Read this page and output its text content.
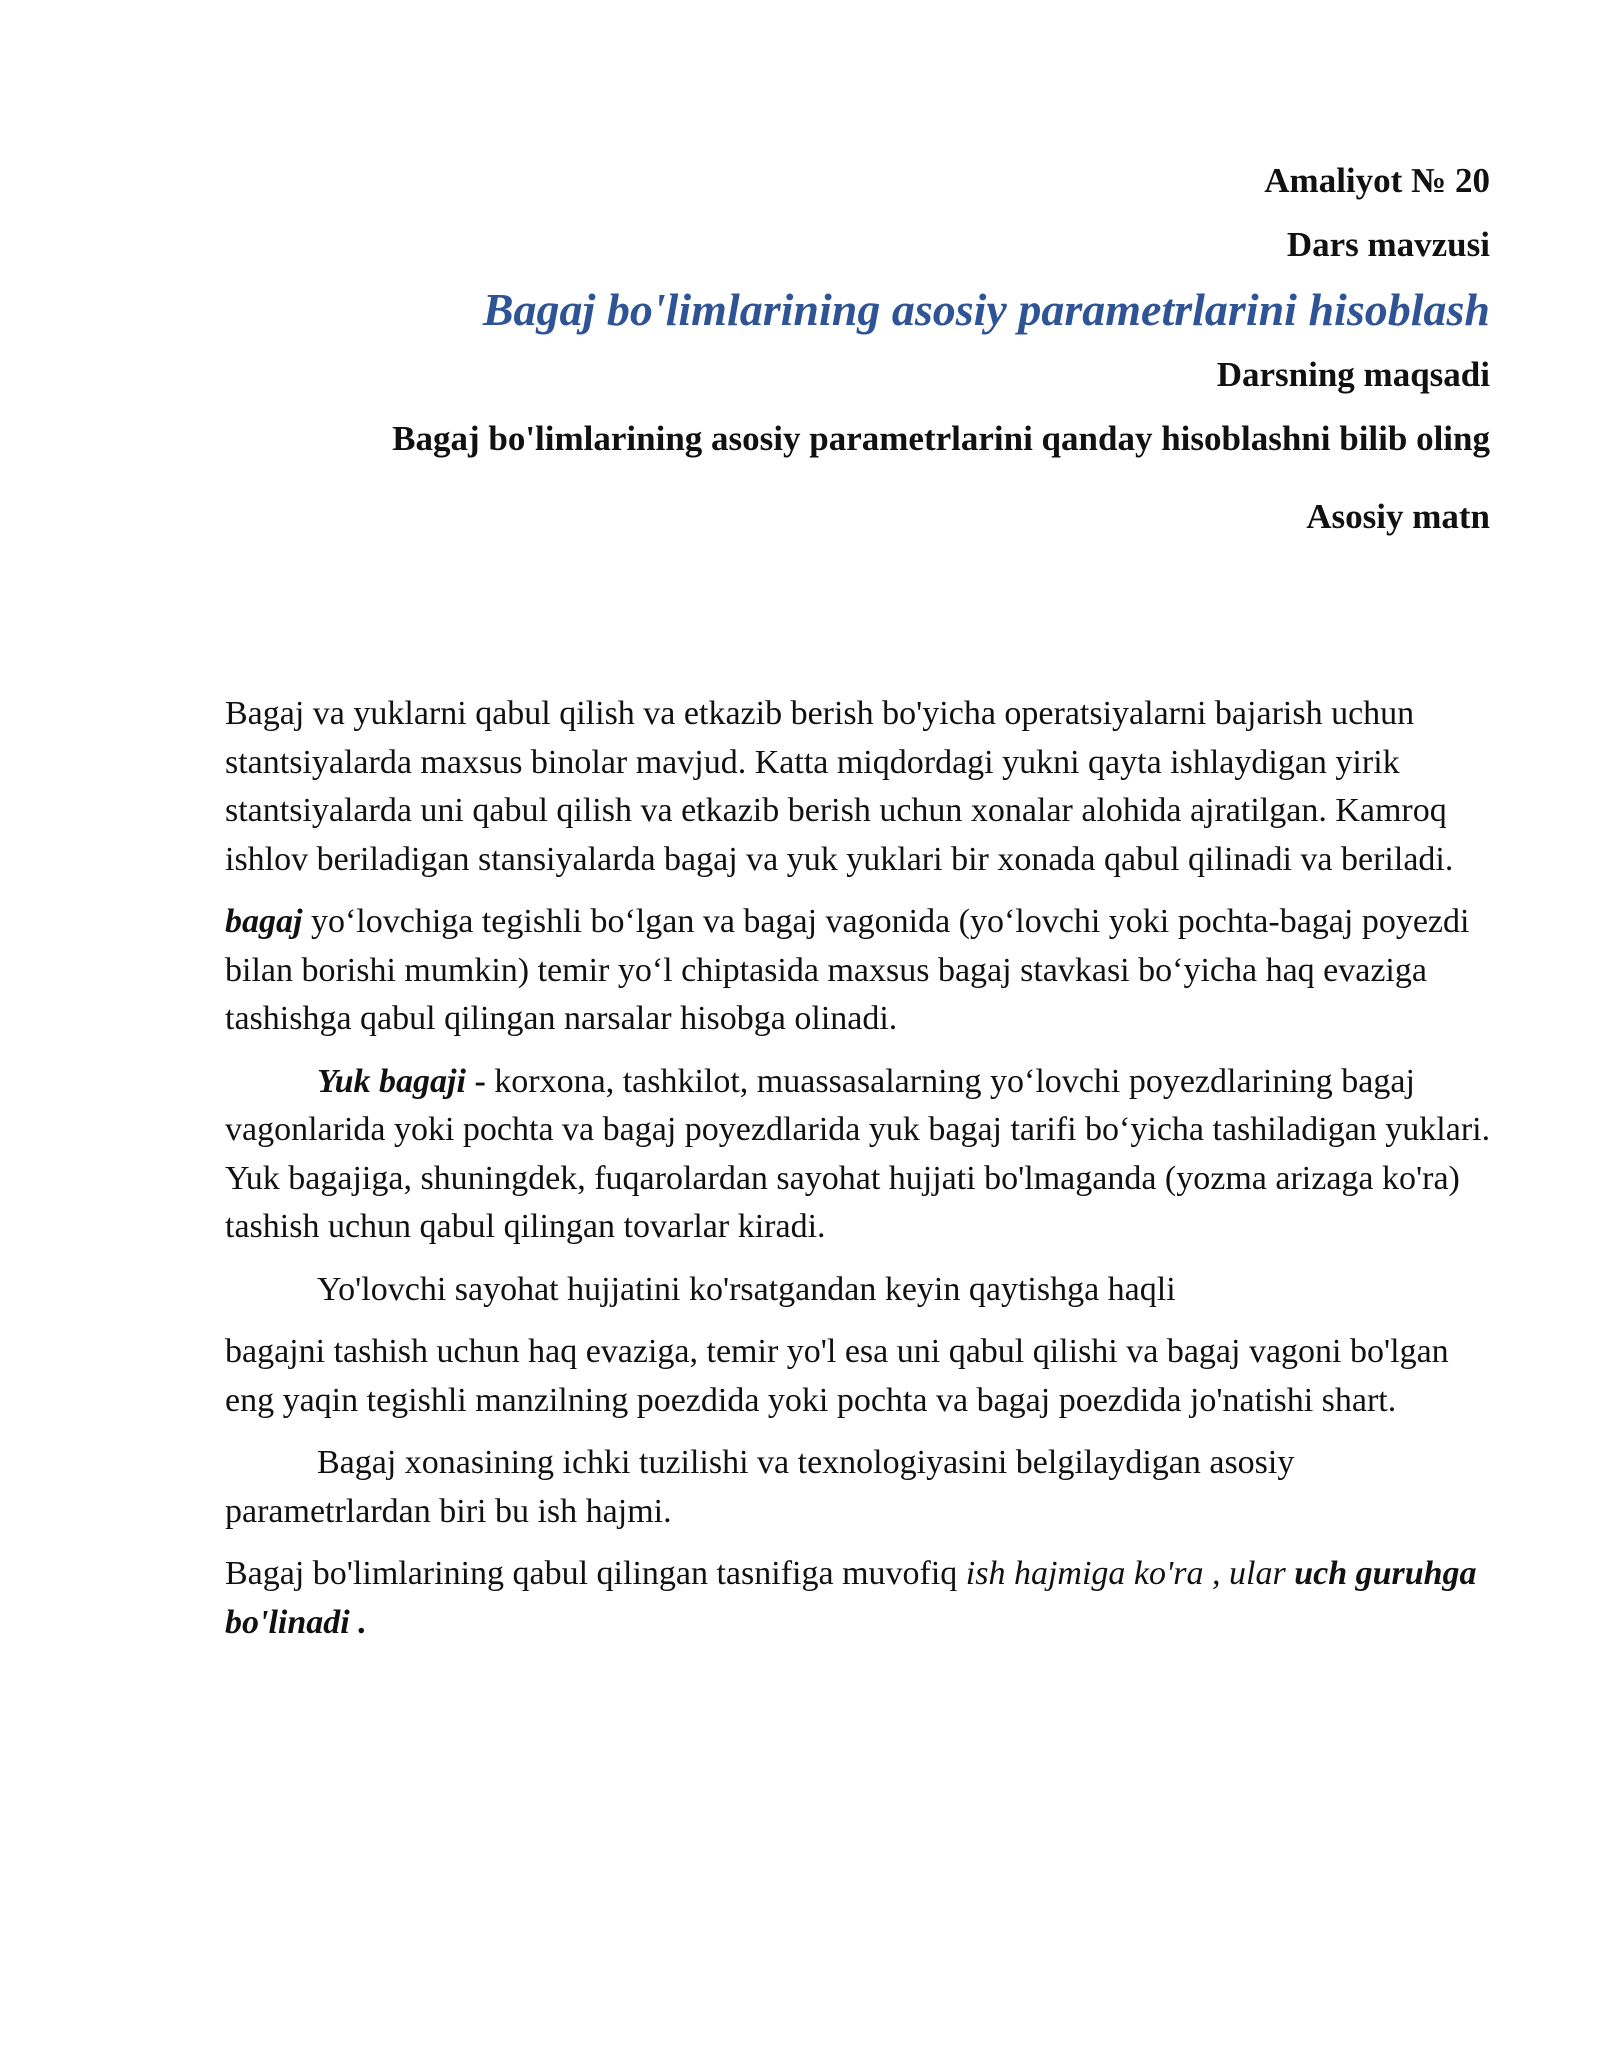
Amaliyot № 20
Dars mavzusi
Bagaj bo'limlarining asosiy parametrlarini hisoblash
Darsning maqsadi
Bagaj bo'limlarining asosiy parametrlarini qanday hisoblashni bilib oling
Asosiy matn

Bagaj va yuklarni qabul qilish va etkazib berish bo'yicha operatsiyalarni bajarish uchun stantsiyalarda maxsus binolar mavjud. Katta miqdordagi yukni qayta ishlaydigan yirik stantsiyalarda uni qabul qilish va etkazib berish uchun xonalar alohida ajratilgan. Kamroq ishlov beriladigan stansiyalarda bagaj va yuk yuklari bir xonada qabul qilinadi va beriladi.

bagaj yo‘lovchiga tegishli bo‘lgan va bagaj vagonida (yo‘lovchi yoki pochta-bagaj poyezdi bilan borishi mumkin) temir yo‘l chiptasida maxsus bagaj stavkasi bo‘yicha haq evaziga tashishga qabul qilingan narsalar hisobga olinadi.

Yuk bagaji - korxona, tashkilot, muassasalarning yo‘lovchi poyezdlarining bagaj vagonlarida yoki pochta va bagaj poyezdlarida yuk bagaj tarifi bo‘yicha tashiladigan yuklari. Yuk bagajiga, shuningdek, fuqarolardan sayohat hujjati bo'lmaganda (yozma arizaga ko'ra) tashish uchun qabul qilingan tovarlar kiradi.

Yo'lovchi sayohat hujjatini ko'rsatgandan keyin qaytishga haqli

bagajni tashish uchun haq evaziga, temir yo'l esa uni qabul qilishi va bagaj vagoni bo'lgan eng yaqin tegishli manzilning poezdida yoki pochta va bagaj poezdida jo'natishi shart.

Bagaj xonasining ichki tuzilishi va texnologiyasini belgilaydigan asosiy parametrlardan biri bu ish hajmi.

Bagaj bo'limlarining qabul qilingan tasnifiga muvofiq ish hajmiga ko'ra , ular uch guruhga bo'linadi .
